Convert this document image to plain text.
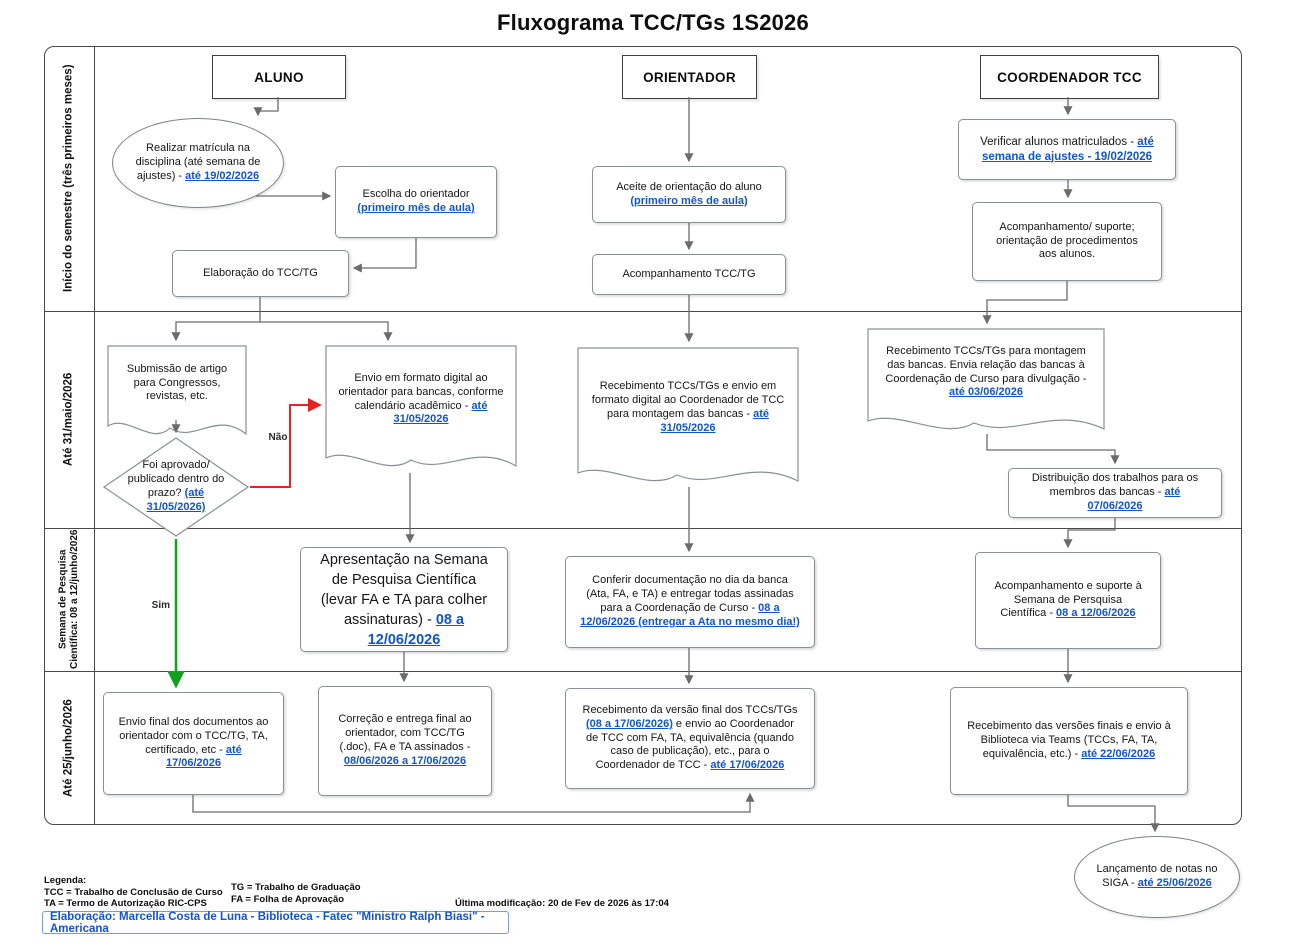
Fluxograma TCC/TGs 1S2026
Início do semestre (três primeiros meses)
Até 31/maio/2026
Semana de Pesquisa Científica: 08 a 12/junho/2026
Até 25/junho/2026
ALUNO	ORIENTADOR	COORDENADOR TCC
Realizar matrícula na disciplina (até semana de ajustes) - até 19/02/2026
Escolha do orientador (primeiro mês de aula)
Elaboração do TCC/TG
Submissão de artigo para Congressos, revistas, etc.
Foi aprovado/ publicado dentro do prazo? (até 31/05/2026)
Envio em formato digital ao orientador para bancas, conforme calendário acadêmico - até 31/05/2026
Apresentação na Semana de Pesquisa Científica (levar FA e TA para colher assinaturas) - 08 a 12/06/2026
Envio final dos documentos ao orientador com o TCC/TG, TA, certificado, etc - até 17/06/2026
Correção e entrega final ao orientador, com TCC/TG (.doc), FA e TA assinados - 08/06/2026 a 17/06/2026
Aceite de orientação do aluno (primeiro mês de aula)
Acompanhamento TCC/TG
Recebimento TCCs/TGs e envio em formato digital ao Coordenador de TCC para montagem das bancas - até 31/05/2026
Conferir documentação no dia da banca (Ata, FA, e TA) e entregar todas assinadas para a Coordenação de Curso - 08 a 12/06/2026 (entregar a Ata no mesmo dia!)
Recebimento da versão final dos TCCs/TGs (08 a 17/06/2026) e envio ao Coordenador de TCC com FA, TA, equivalência (quando caso de publicação), etc., para o Coordenador de TCC - até 17/06/2026
Verificar alunos matriculados - até semana de ajustes - 19/02/2026
Acompanhamento/ suporte; orientação de procedimentos aos alunos.
Recebimento TCCs/TGs para montagem das bancas. Envia relação das bancas à Coordenação de Curso para divulgação - até 03/06/2026
Distribuição dos trabalhos para os membros das bancas - até 07/06/2026
Acompanhamento e suporte à Semana de Persquisa Científica - 08 a 12/06/2026
Recebimento das versões finais e envio à Biblioteca via Teams (TCCs, FA, TA, equivalência, etc.) - até 22/06/2026
Lançamento de notas no SIGA - até 25/06/2026
Não
Sim
Legenda:
TCC = Trabalho de Conclusão de Curso
TA = Termo de Autorização RIC-CPS
TG = Trabalho de Graduação
FA = Folha de Aprovação	Última modificação: 20 de Fev de 2026 às 17:04
Elaboração: Marcella Costa de Luna - Biblioteca - Fatec "Ministro Ralph Biasi" - Americana
